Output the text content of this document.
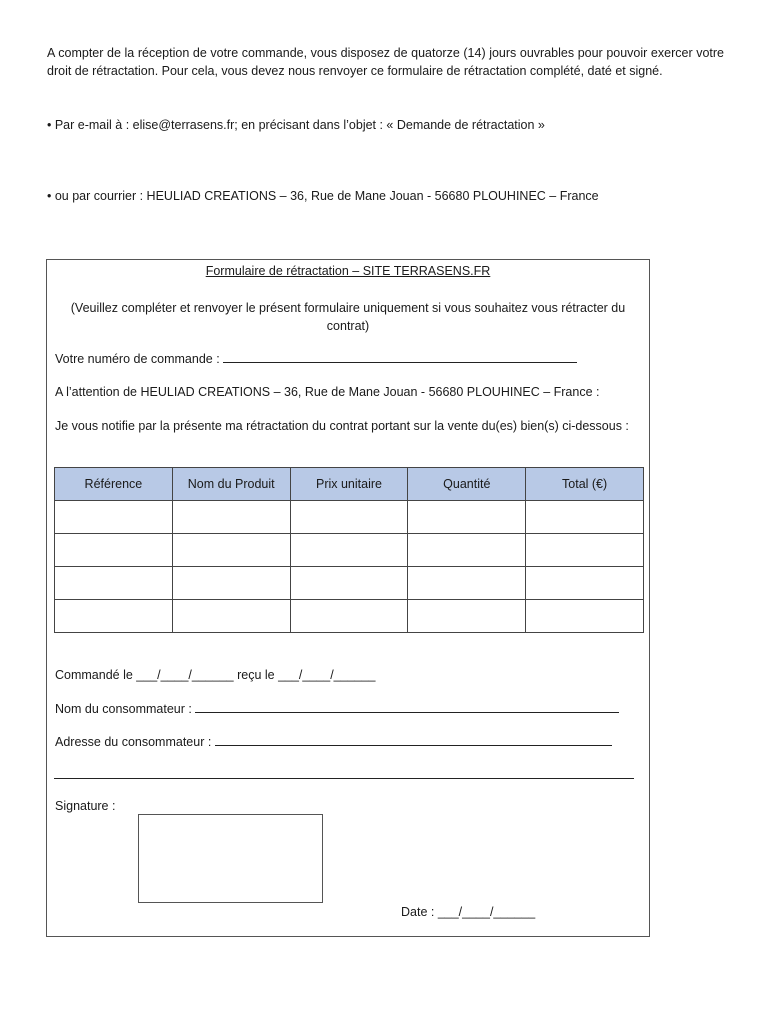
A compter de la réception de votre commande, vous disposez de quatorze (14) jours ouvrables pour pouvoir exercer votre droit de rétractation. Pour cela, vous devez nous renvoyer ce formulaire de rétractation complété, daté et signé.
• Par e-mail à : elise@terrasens.fr; en précisant dans l’objet : « Demande de rétractation »
• ou par courrier : HEULIAD CREATIONS – 36, Rue de Mane Jouan - 56680 PLOUHINEC – France
Formulaire de rétractation – SITE TERRASENS.FR
(Veuillez compléter et renvoyer le présent formulaire uniquement si vous souhaitez vous rétracter du contrat)
Votre numéro de commande :
A l’attention de HEULIAD CREATIONS – 36, Rue de Mane Jouan - 56680 PLOUHINEC – France :
Je vous notifie par la présente ma rétractation du contrat portant sur la vente du(es) bien(s) ci-dessous :
Référence	Nom du Produit	Prix unitaire	Quantité	Total (€)

Commandé le ___/____/______ reçu le ___/____/______
Nom du consommateur :
Adresse du consommateur :
Signature :
Date : ___/____/______
